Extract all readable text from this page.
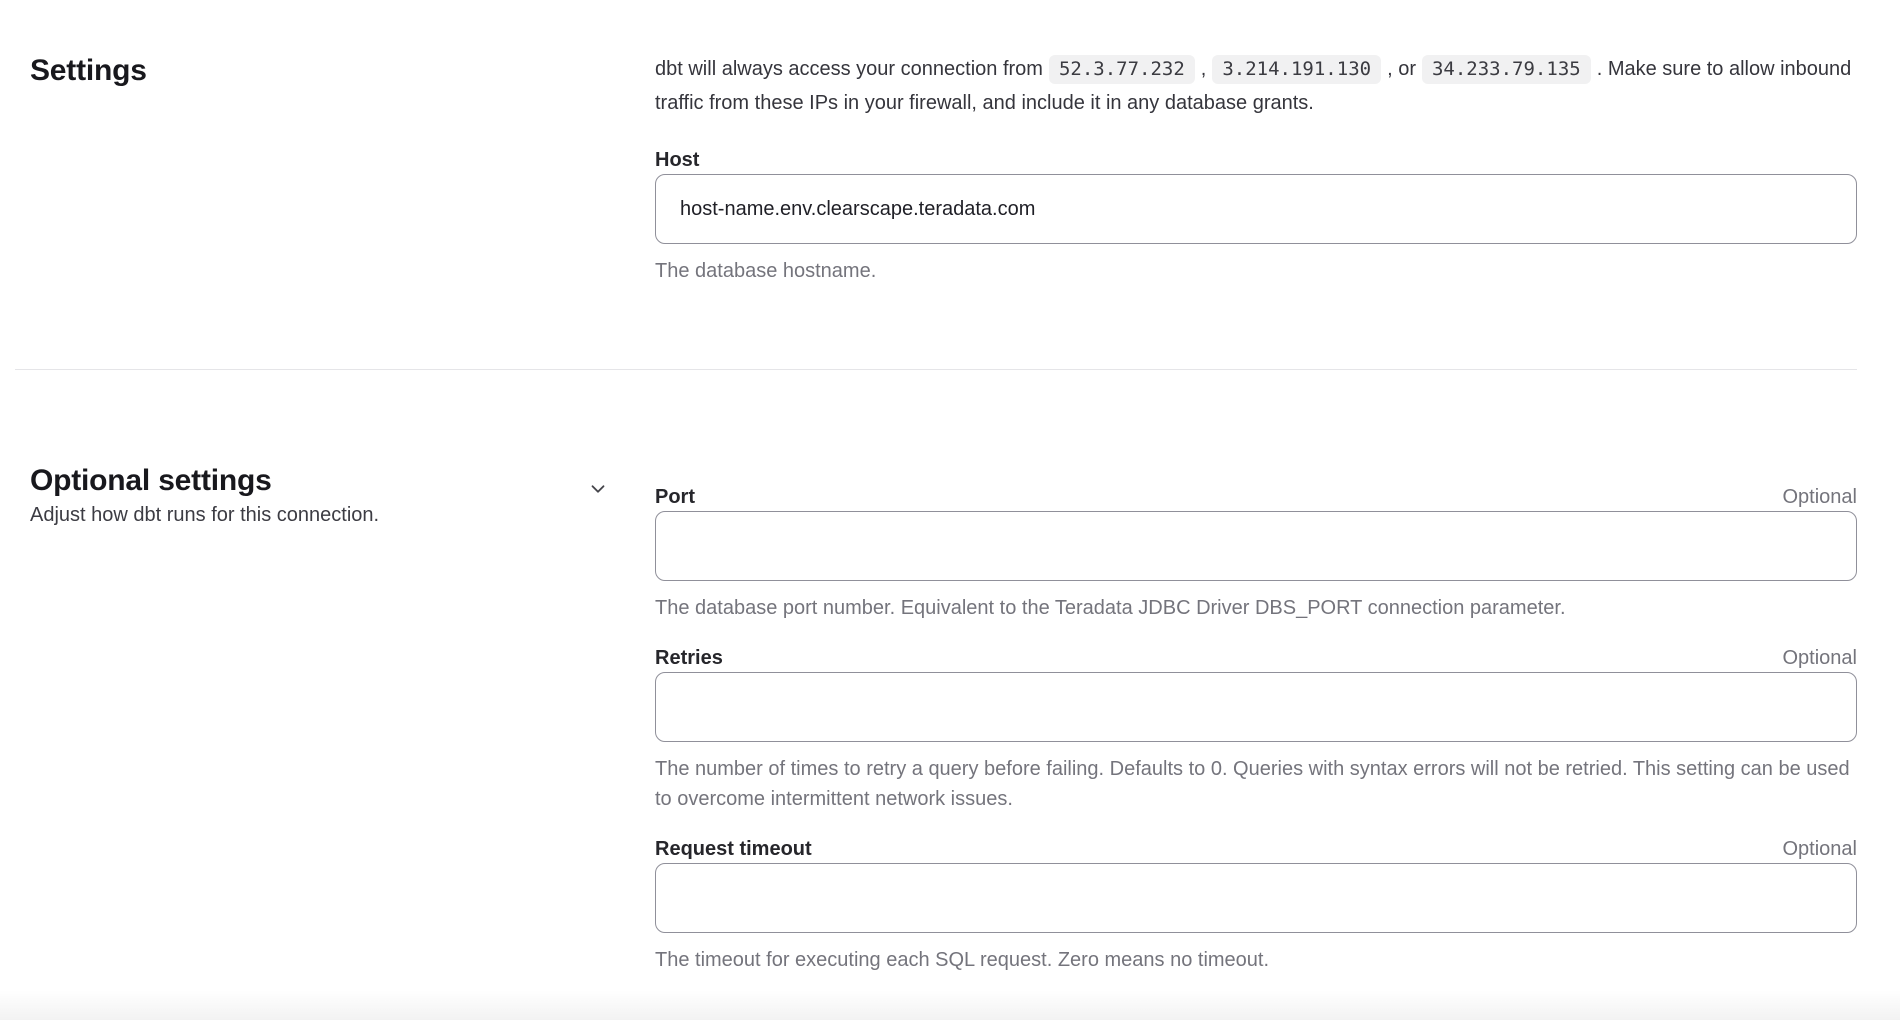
Settings	dbt will always access your connection from 52.3.77.232 , 3.214.191.130 , or 34.233.79.135 . Make sure to allow inbound traffic from these IPs in your firewall, and include it in any database grants.

Host
host-name.env.clearscape.teradata.com
The database hostname.
Optional settings
Adjust how dbt runs for this connection.
Port	Optional
The database port number. Equivalent to the Teradata JDBC Driver DBS_PORT connection parameter.
Retries	Optional
The number of times to retry a query before failing. Defaults to 0. Queries with syntax errors will not be retried. This setting can be used to overcome intermittent network issues.
Request timeout	Optional
The timeout for executing each SQL request. Zero means no timeout.
